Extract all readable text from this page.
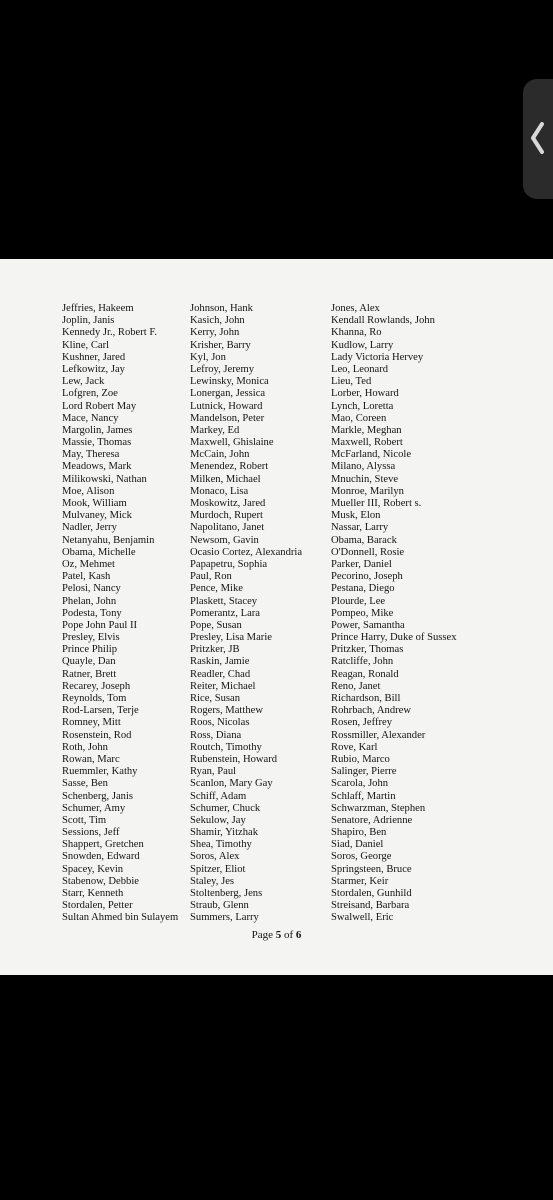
Jeffries, Hakeem
Joplin, Janis
Kennedy Jr., Robert F.
Kline, Carl
Kushner, Jared
Lefkowitz, Jay
Lew, Jack
Lofgren, Zoe
Lord Robert May
Mace, Nancy
Margolin, James
Massie, Thomas
May, Theresa
Meadows, Mark
Milikowski, Nathan
Moe, Alison
Mook, William
Mulvaney, Mick
Nadler, Jerry
Netanyahu, Benjamin
Obama, Michelle
Oz, Mehmet
Patel, Kash
Pelosi, Nancy
Phelan, John
Podesta, Tony
Pope John Paul II
Presley, Elvis
Prince Philip
Quayle, Dan
Ratner, Brett
Recarey, Joseph
Reynolds, Tom
Rod-Larsen, Terje
Romney, Mitt
Rosenstein, Rod
Roth, John
Rowan, Marc
Ruemmler, Kathy
Sasse, Ben
Schenberg, Janis
Schumer, Amy
Scott, Tim
Sessions, Jeff
Shappert, Gretchen
Snowden, Edward
Spacey, Kevin
Stabenow, Debbie
Starr, Kenneth
Stordalen, Petter
Sultan Ahmed bin Sulayem
Johnson, Hank
Kasich, John
Kerry, John
Krisher, Barry
Kyl, Jon
Lefroy, Jeremy
Lewinsky, Monica
Lonergan, Jessica
Lutnick, Howard
Mandelson, Peter
Markey, Ed
Maxwell, Ghislaine
McCain, John
Menendez, Robert
Milken, Michael
Monaco, Lisa
Moskowitz, Jared
Murdoch, Rupert
Napolitano, Janet
Newsom, Gavin
Ocasio Cortez, Alexandria
Papapetru, Sophia
Paul, Ron
Pence, Mike
Plaskett, Stacey
Pomerantz, Lara
Pope, Susan
Presley, Lisa Marie
Pritzker, JB
Raskin, Jamie
Readler, Chad
Reiter, Michael
Rice, Susan
Rogers, Matthew
Roos, Nicolas
Ross, Diana
Routch, Timothy
Rubenstein, Howard
Ryan, Paul
Scanlon, Mary Gay
Schiff, Adam
Schumer, Chuck
Sekulow, Jay
Shamir, Yitzhak
Shea, Timothy
Soros, Alex
Spitzer, Eliot
Staley, Jes
Stoltenberg, Jens
Straub, Glenn
Summers, Larry
Jones, Alex
Kendall Rowlands, John
Khanna, Ro
Kudlow, Larry
Lady Victoria Hervey
Leo, Leonard
Lieu, Ted
Lorber, Howard
Lynch, Loretta
Mao, Coreen
Markle, Meghan
Maxwell, Robert
McFarland, Nicole
Milano, Alyssa
Mnuchin, Steve
Monroe, Marilyn
Mueller III, Robert s.
Musk, Elon
Nassar, Larry
Obama, Barack
O'Donnell, Rosie
Parker, Daniel
Pecorino, Joseph
Pestana, Diego
Plourde, Lee
Pompeo, Mike
Power, Samantha
Prince Harry, Duke of Sussex
Pritzker, Thomas
Ratcliffe, John
Reagan, Ronald
Reno, Janet
Richardson, Bill
Rohrbach, Andrew
Rosen, Jeffrey
Rossmiller, Alexander
Rove, Karl
Rubio, Marco
Salinger, Pierre
Scarola, John
Schlaff, Martin
Schwarzman, Stephen
Senatore, Adrienne
Shapiro, Ben
Siad, Daniel
Soros, George
Springsteen, Bruce
Starmer, Keir
Stordalen, Gunhild
Streisand, Barbara
Swalwell, Eric
Page 5 of 6
